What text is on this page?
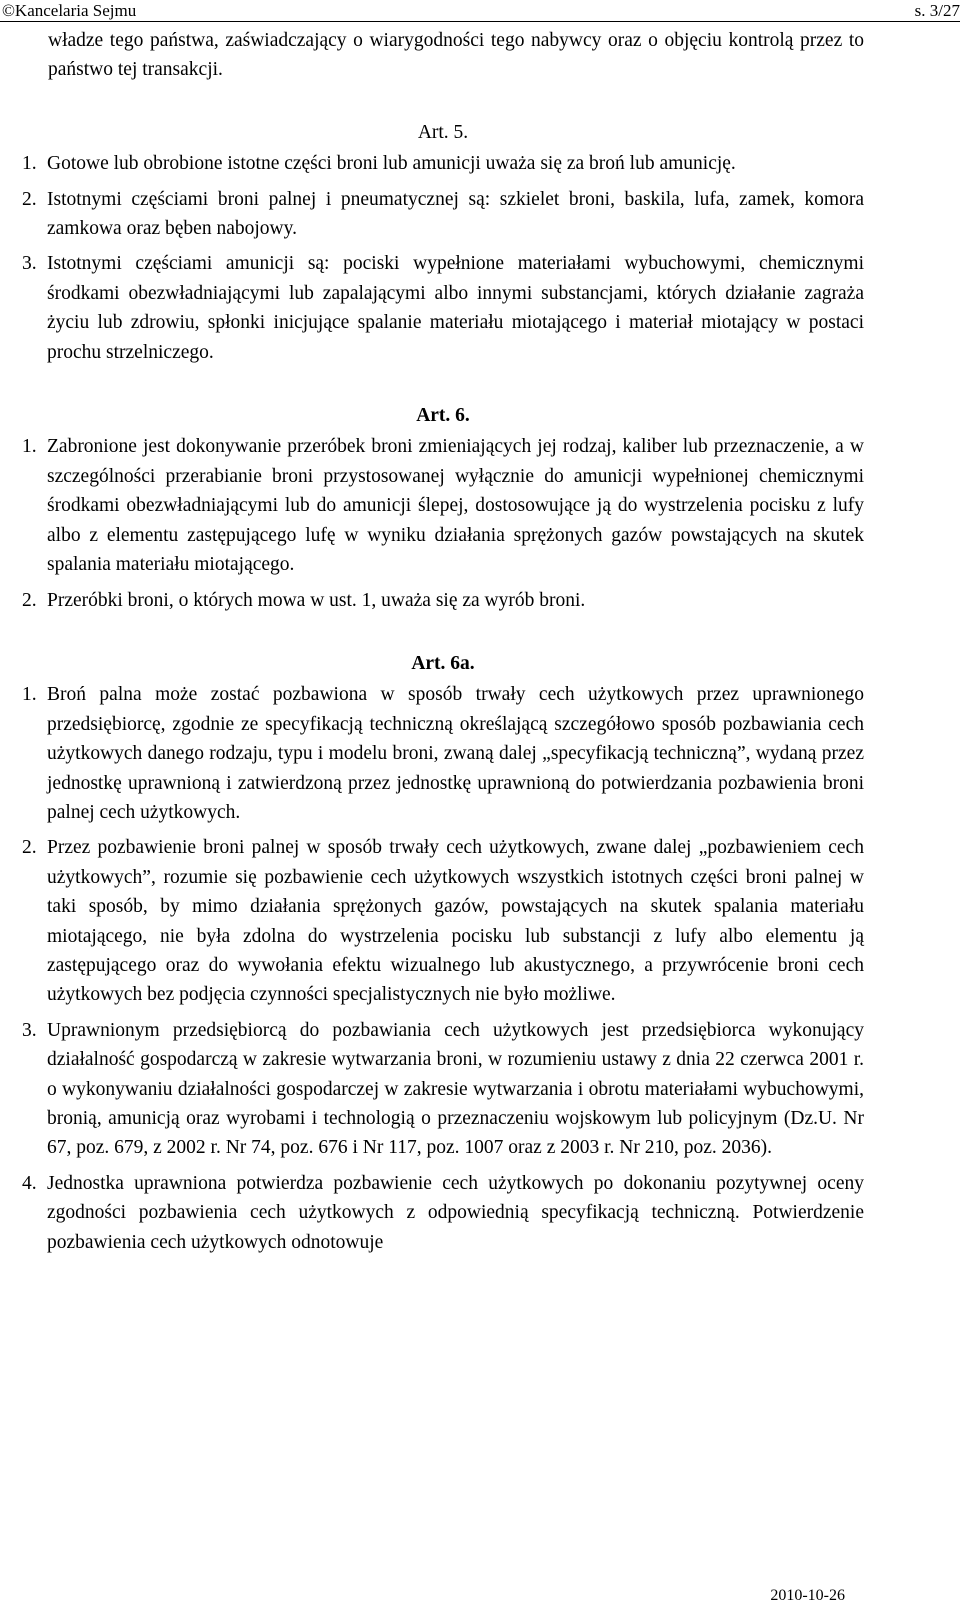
©Kancelaria Sejmu	s. 3/27

władze tego państwa, zaświadczający o wiarygodności tego nabywcy oraz o objęciu kontrolą przez to państwo tej transakcji.

Art. 5.

1. Gotowe lub obrobione istotne części broni lub amunicji uważa się za broń lub amunicję.
2. Istotnymi częściami broni palnej i pneumatycznej są: szkielet broni, baskila, lufa, zamek, komora zamkowa oraz bęben nabojowy.
3. Istotnymi częściami amunicji są: pociski wypełnione materiałami wybuchowymi, chemicznymi środkami obezwładniającymi lub zapalającymi albo innymi substancjami, których działanie zagraża życiu lub zdrowiu, spłonki inicjujące spalanie materiału miotającego i materiał miotający w postaci prochu strzelniczego.

Art. 6.

1. Zabronione jest dokonywanie przeróbek broni zmieniających jej rodzaj, kaliber lub przeznaczenie, a w szczególności przerabianie broni przystosowanej wyłącznie do amunicji wypełnionej chemicznymi środkami obezwładniającymi lub do amunicji ślepej, dostosowujące ją do wystrzelenia pocisku z lufy albo z elementu zastępującego lufę w wyniku działania sprężonych gazów powstających na skutek spalania materiału miotającego.
2. Przeróbki broni, o których mowa w ust. 1, uważa się za wyrób broni.

Art. 6a.

1. Broń palna może zostać pozbawiona w sposób trwały cech użytkowych przez uprawnionego przedsiębiorcę, zgodnie ze specyfikacją techniczną określającą szczegółowo sposób pozbawiania cech użytkowych danego rodzaju, typu i modelu broni, zwaną dalej „specyfikacją techniczną”, wydaną przez jednostkę uprawnioną i zatwierdzoną przez jednostkę uprawnioną do potwierdzania pozbawienia broni palnej cech użytkowych.
2. Przez pozbawienie broni palnej w sposób trwały cech użytkowych, zwane dalej „pozbawieniem cech użytkowych”, rozumie się pozbawienie cech użytkowych wszystkich istotnych części broni palnej w taki sposób, by mimo działania sprężonych gazów, powstających na skutek spalania materiału miotającego, nie była zdolna do wystrzelenia pocisku lub substancji z lufy albo elementu ją zastępującego oraz do wywołania efektu wizualnego lub akustycznego, a przywrócenie broni cech użytkowych bez podjęcia czynności specjalistycznych nie było możliwe.
3. Uprawnionym przedsiębiorcą do pozbawiania cech użytkowych jest przedsiębiorca wykonujący działalność gospodarczą w zakresie wytwarzania broni, w rozumieniu ustawy z dnia 22 czerwca 2001 r. o wykonywaniu działalności gospodarczej w zakresie wytwarzania i obrotu materiałami wybuchowymi, bronią, amunicją oraz wyrobami i technologią o przeznaczeniu wojskowym lub policyjnym (Dz.U. Nr 67, poz. 679, z 2002 r. Nr 74, poz. 676 i Nr 117, poz. 1007 oraz z 2003 r. Nr 210, poz. 2036).
4. Jednostka uprawniona potwierdza pozbawienie cech użytkowych po dokonaniu pozytywnej oceny zgodności pozbawienia cech użytkowych z odpowiednią specyfikacją techniczną. Potwierdzenie pozbawienia cech użytkowych odnotowuje
2010-10-26
